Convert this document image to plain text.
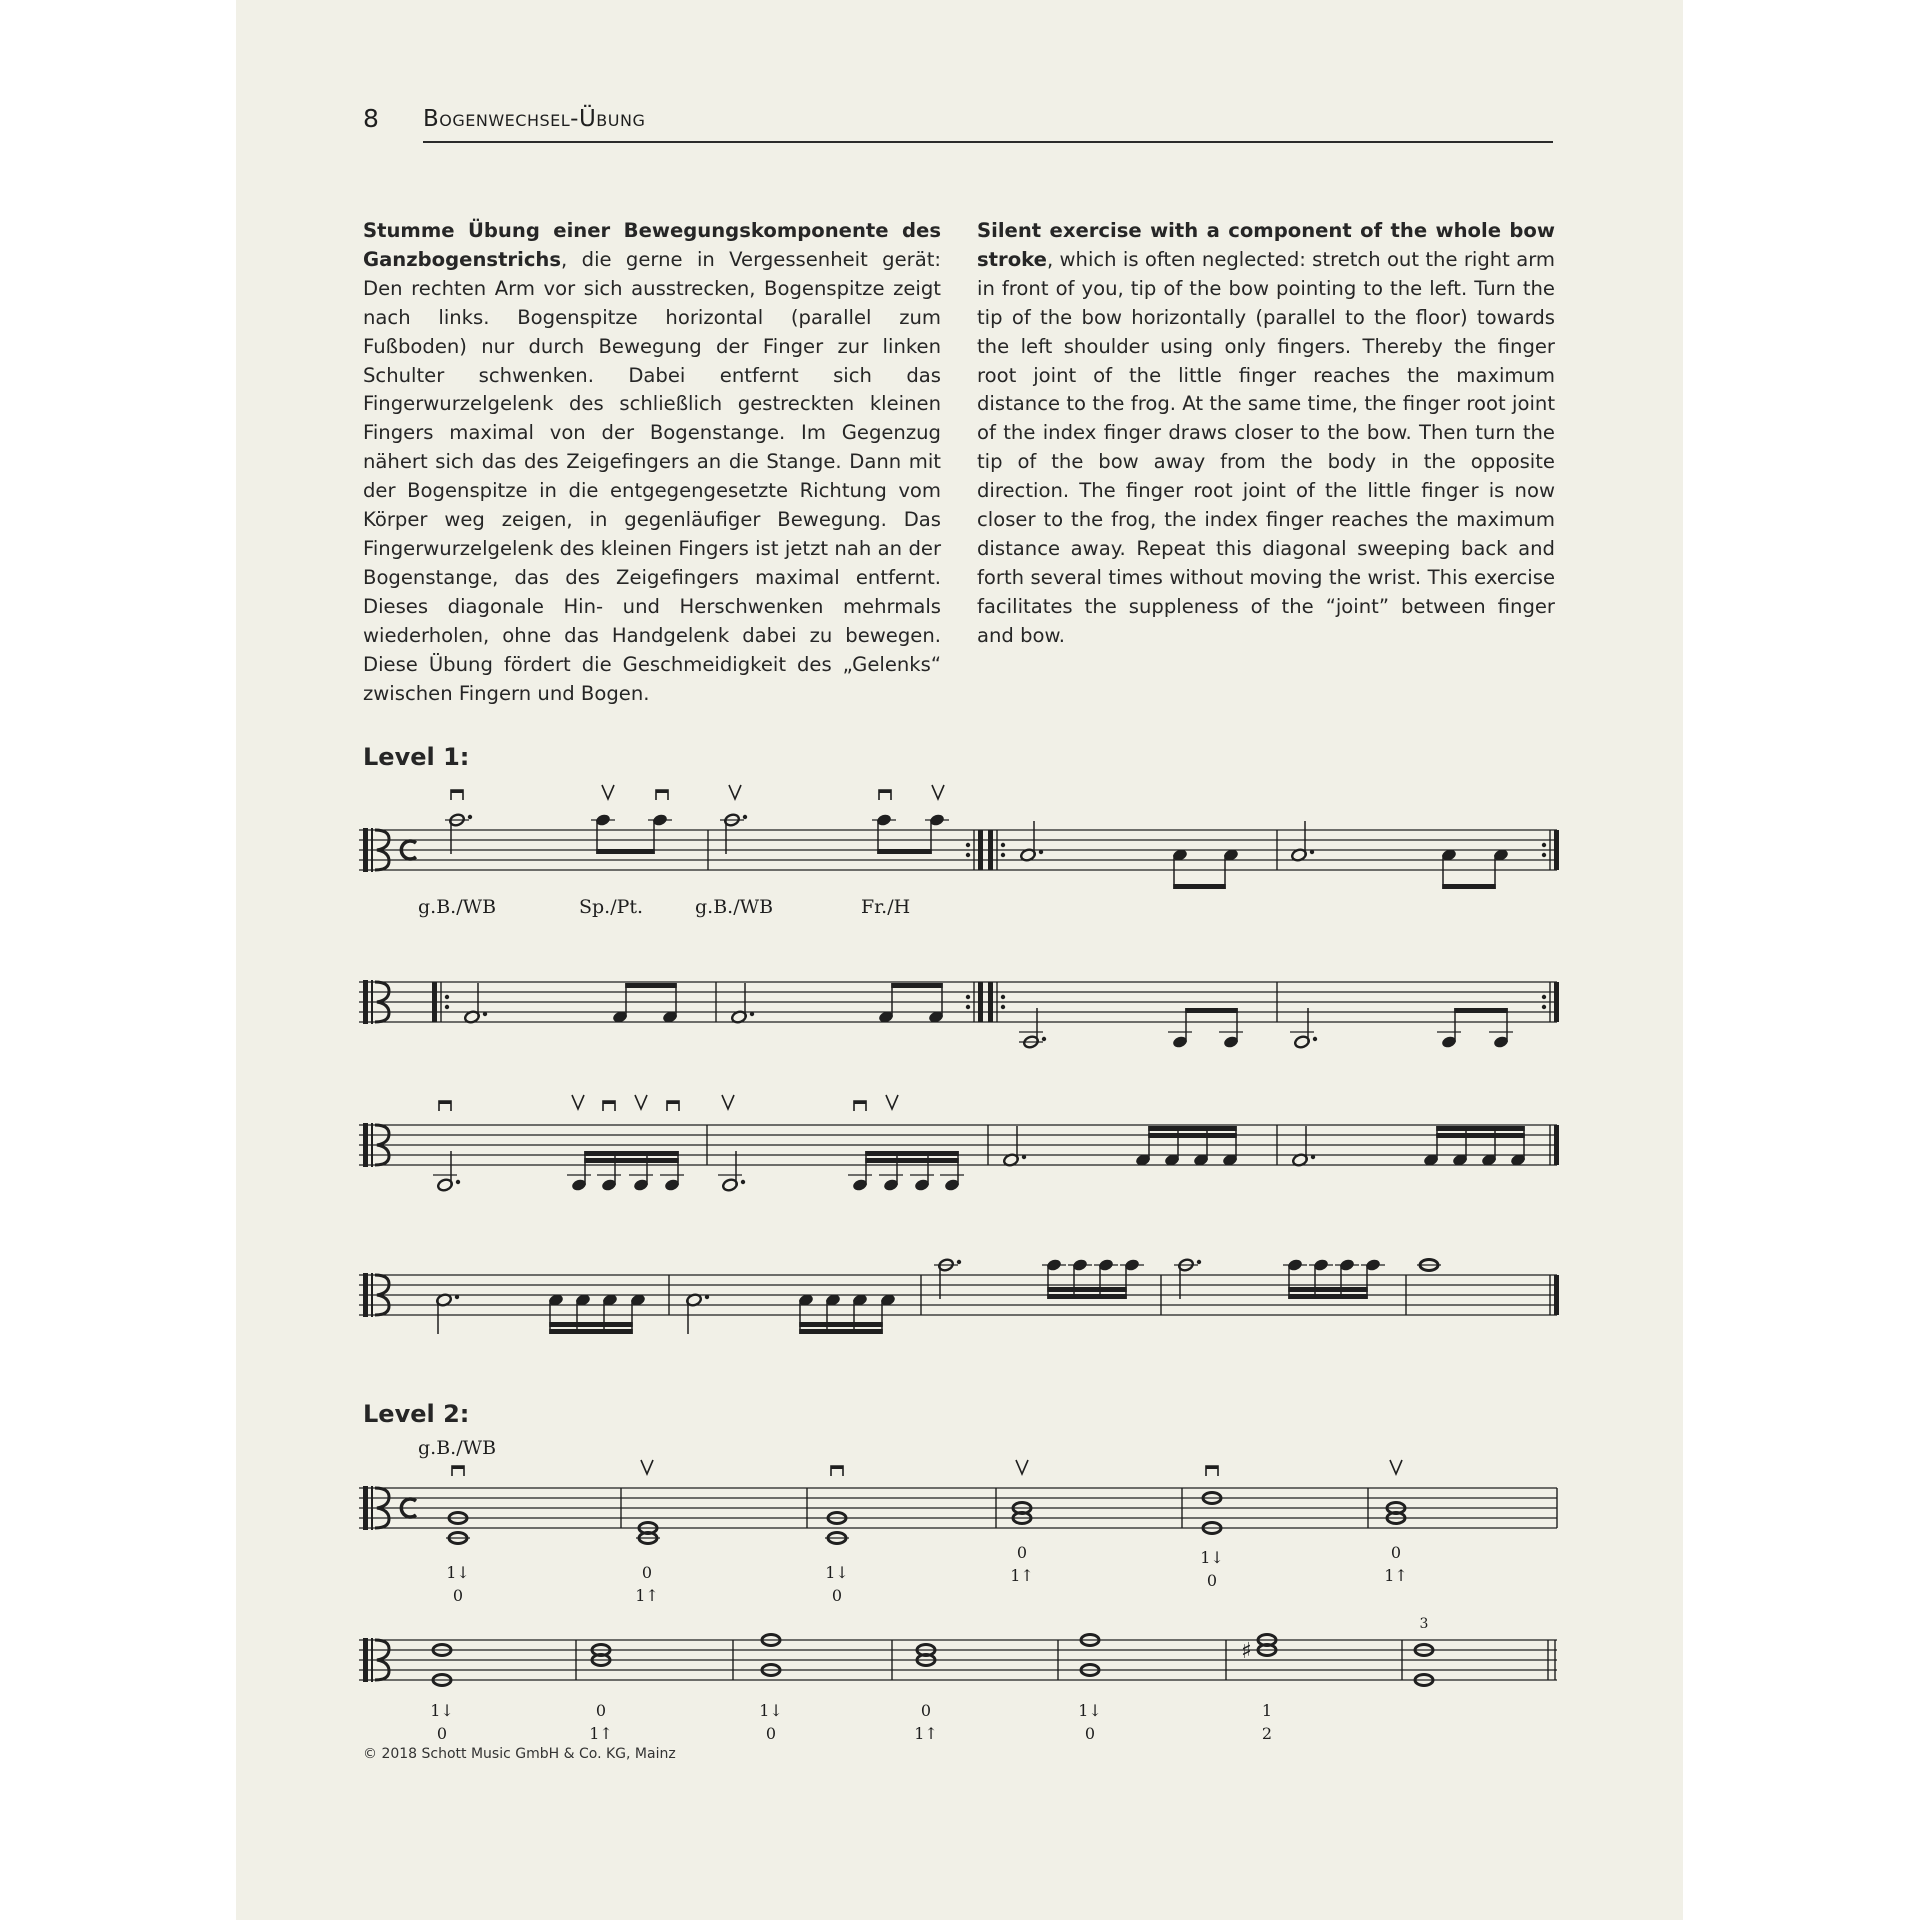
8 Bogenwechsel-Übung
Stumme Übung einer Bewegungskomponente des Ganzbogenstrichs, die gerne in Vergessenheit gerät: Den rechten Arm vor sich ausstrecken, Bogenspitze zeigt nach links. Bogenspitze horizontal (parallel zum Fußboden) nur durch Bewegung der Finger zur linken Schulter schwenken. Dabei entfernt sich das Fingerwurzelgelenk des schließlich gestreckten kleinen Fingers maximal von der Bogenstange. Im Gegenzug nähert sich das des Zeigefingers an die Stange. Dann mit der Bogenspitze in die entgegengesetzte Richtung vom Körper weg zeigen, in gegenläufiger Bewegung. Das Fingerwurzelgelenk des kleinen Fingers ist jetzt nah an der Bogenstange, das des Zeigefingers maximal entfernt. Dieses diagonale Hin- und Herschwenken mehrmals wiederholen, ohne das Handgelenk dabei zu bewegen. Diese Übung fördert die Geschmeidigkeit des „Gelenks“ zwischen Fingern und Bogen.
Silent exercise with a component of the whole bow stroke, which is often neglected: stretch out the right arm in front of you, tip of the bow pointing to the left. Turn the tip of the bow horizontally (parallel to the floor) towards the left shoulder using only fingers. Thereby the finger root joint of the little finger reaches the maximum distance to the frog. At the same time, the finger root joint of the index finger draws closer to the bow. Then turn the tip of the bow away from the body in the opposite direction. The finger root joint of the little finger is now closer to the frog, the index finger reaches the maximum distance away. Repeat this diagonal sweeping back and forth several times without moving the wrist. This exercise facilitates the suppleness of the “joint” between finger and bow.
Level 1:
Level 2:
g.B./WB	Sp./Pt.	g.B./WB	Fr./H
g.B./WB
1↓
0
0
1↑
1↓
0
0
1↑
1↓
0
0
1↑
1↓
0
0
1↑
1↓
0
0
1↑
1↓
0
1
2
3
♯
© 2018 Schott Music GmbH & Co. KG, Mainz
